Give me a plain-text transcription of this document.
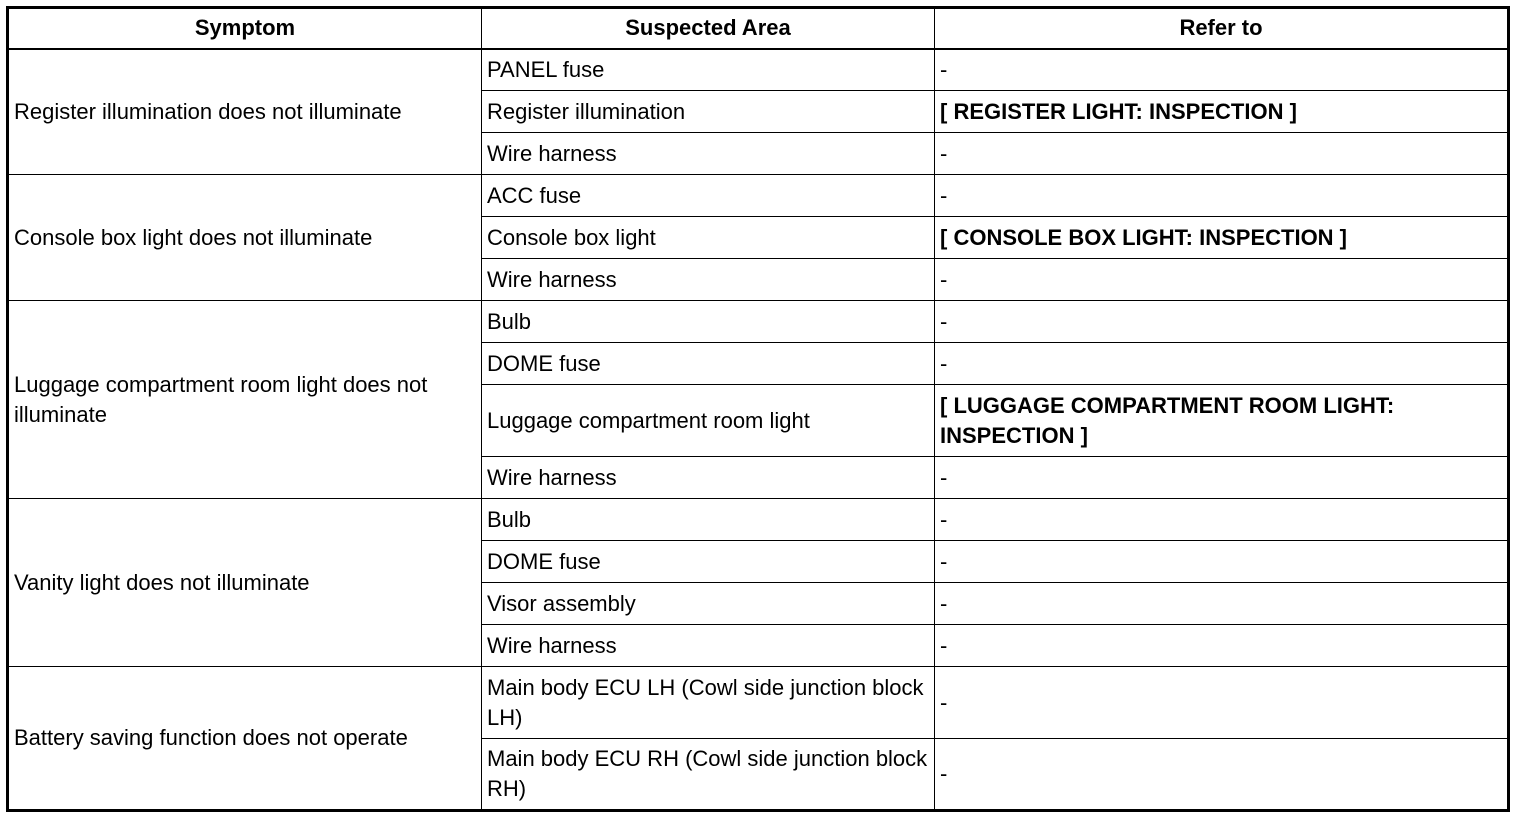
Symptom	Suspected Area	Refer to
Register illumination does not illuminate	PANEL fuse	-
	Register illumination	[ REGISTER LIGHT: INSPECTION ]
	Wire harness	-
Console box light does not illuminate	ACC fuse	-
	Console box light	[ CONSOLE BOX LIGHT: INSPECTION ]
	Wire harness	-
Luggage compartment room light does not illuminate	Bulb	-
	DOME fuse	-
	Luggage compartment room light	[ LUGGAGE COMPARTMENT ROOM LIGHT: INSPECTION ]
	Wire harness	-
Vanity light does not illuminate	Bulb	-
	DOME fuse	-
	Visor assembly	-
	Wire harness	-
Battery saving function does not operate	Main body ECU LH (Cowl side junction block LH)	-
	Main body ECU RH (Cowl side junction block RH)	-
